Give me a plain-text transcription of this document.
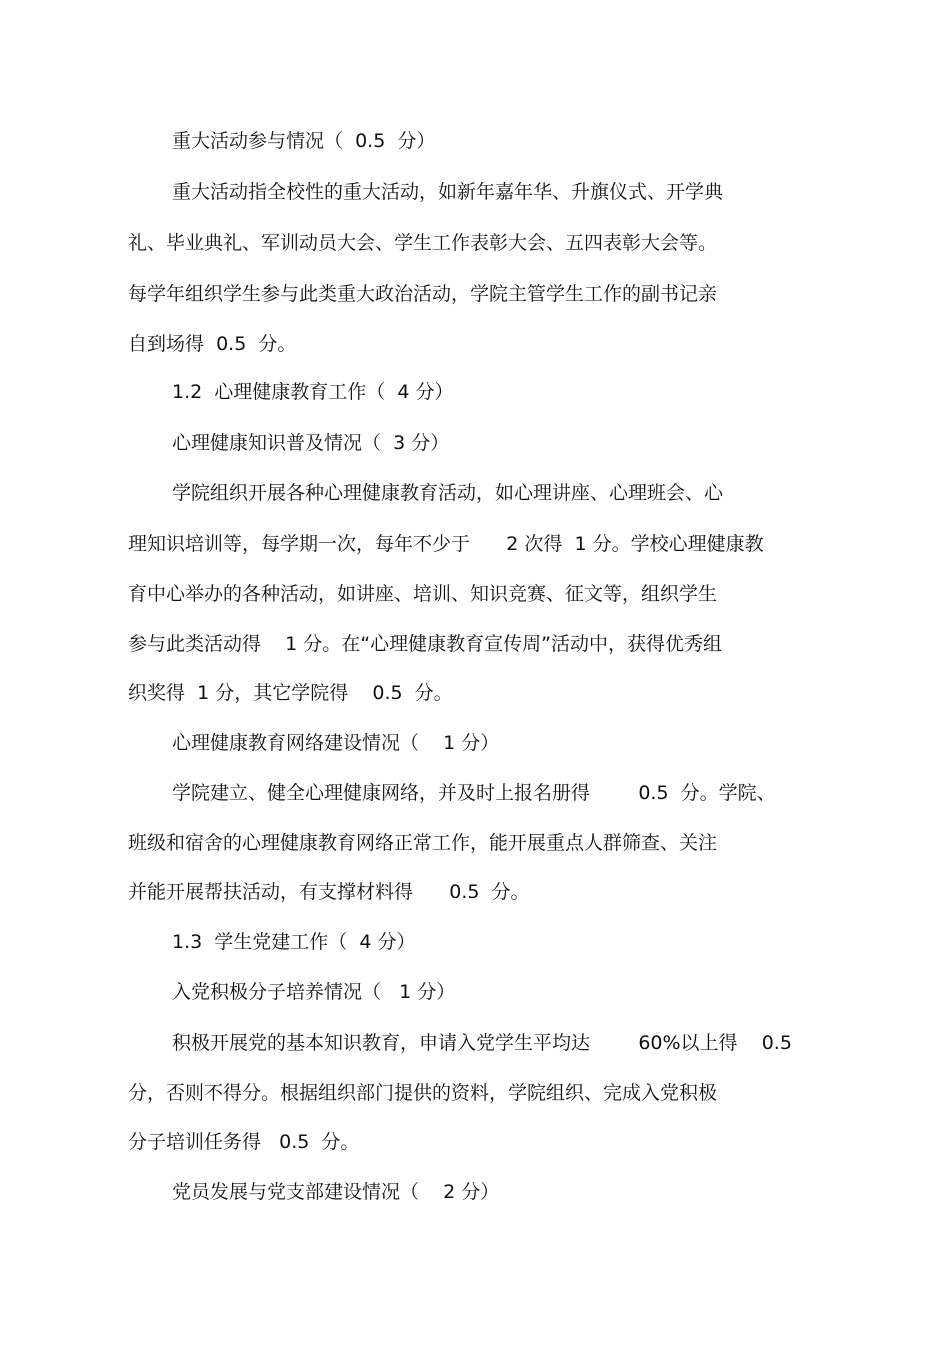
重大活动参与情况（  0.5  分）
重大活动指全校性的重大活动，如新年嘉年华、升旗仪式、开学典
礼、毕业典礼、军训动员大会、学生工作表彰大会、五四表彰大会等。
每学年组织学生参与此类重大政治活动，学院主管学生工作的副书记亲
自到场得  0.5  分。
1.2  心理健康教育工作（  4 分）
心理健康知识普及情况（  3 分）
学院组织开展各种心理健康教育活动，如心理讲座、心理班会、心
理知识培训等，每学期一次，每年不少于      2 次得  1 分。学校心理健康教
育中心举办的各种活动，如讲座、培训、知识竞赛、征文等，组织学生
参与此类活动得    1 分。在“心理健康教育宣传周”活动中，获得优秀组
织奖得  1 分，其它学院得    0.5  分。
心理健康教育网络建设情况（    1 分）
学院建立、健全心理健康网络，并及时上报名册得        0.5  分。学院、
班级和宿舍的心理健康教育网络正常工作，能开展重点人群筛查、关注
并能开展帮扶活动，有支撑材料得      0.5  分。
1.3  学生党建工作（  4 分）
入党积极分子培养情况（   1 分）
积极开展党的基本知识教育，申请入党学生平均达        60%以上得    0.5
分，否则不得分。根据组织部门提供的资料，学院组织、完成入党积极
分子培训任务得   0.5  分。
党员发展与党支部建设情况（    2 分）
